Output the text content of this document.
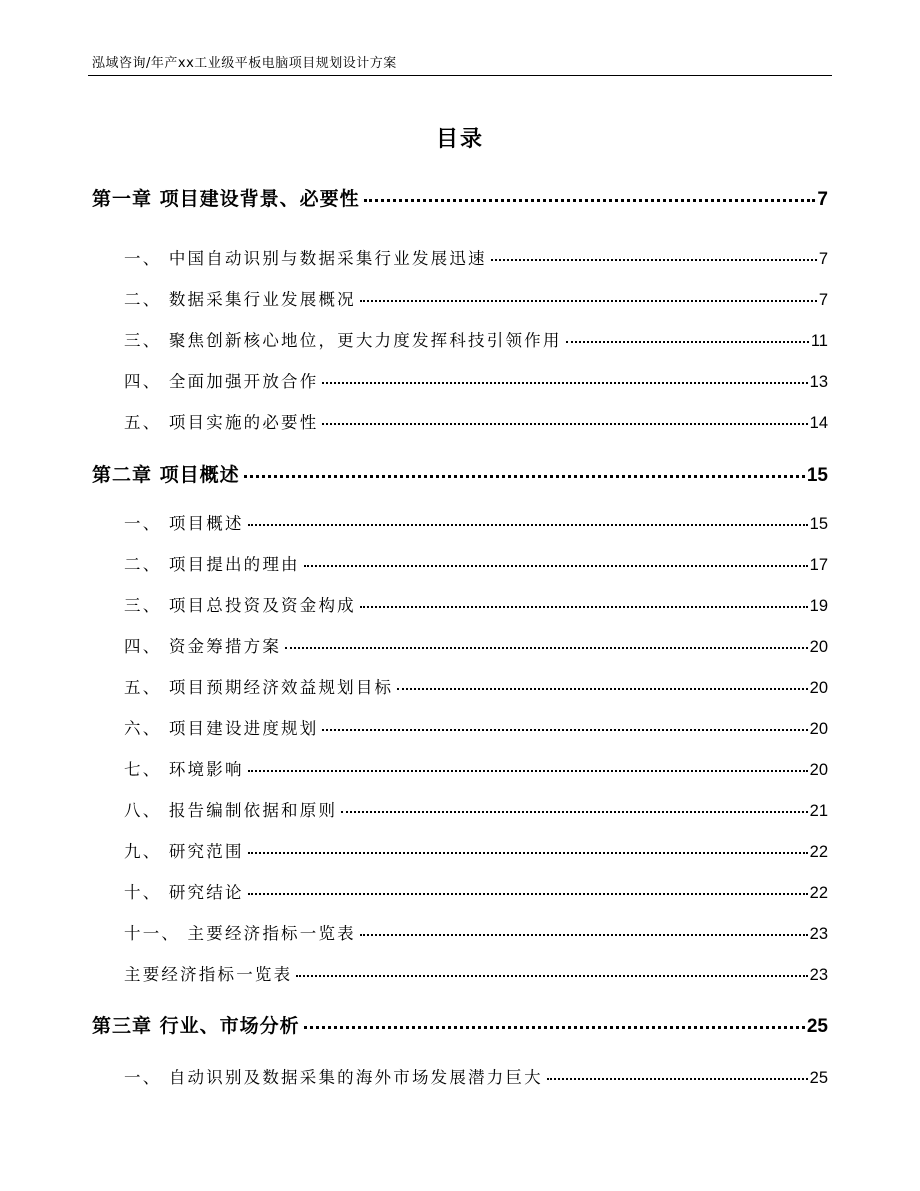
泓域咨询/年产xx工业级平板电脑项目规划设计方案
目录
第一章 项目建设背景、必要性	7
一、 中国自动识别与数据采集行业发展迅速	7
二、 数据采集行业发展概况	7
三、 聚焦创新核心地位，更大力度发挥科技引领作用	11
四、 全面加强开放合作	13
五、 项目实施的必要性	14
第二章 项目概述	15
一、 项目概述	15
二、 项目提出的理由	17
三、 项目总投资及资金构成	19
四、 资金筹措方案	20
五、 项目预期经济效益规划目标	20
六、 项目建设进度规划	20
七、 环境影响	20
八、 报告编制依据和原则	21
九、 研究范围	22
十、 研究结论	22
十一、 主要经济指标一览表	23
主要经济指标一览表	23
第三章 行业、市场分析	25
一、 自动识别及数据采集的海外市场发展潜力巨大	25
